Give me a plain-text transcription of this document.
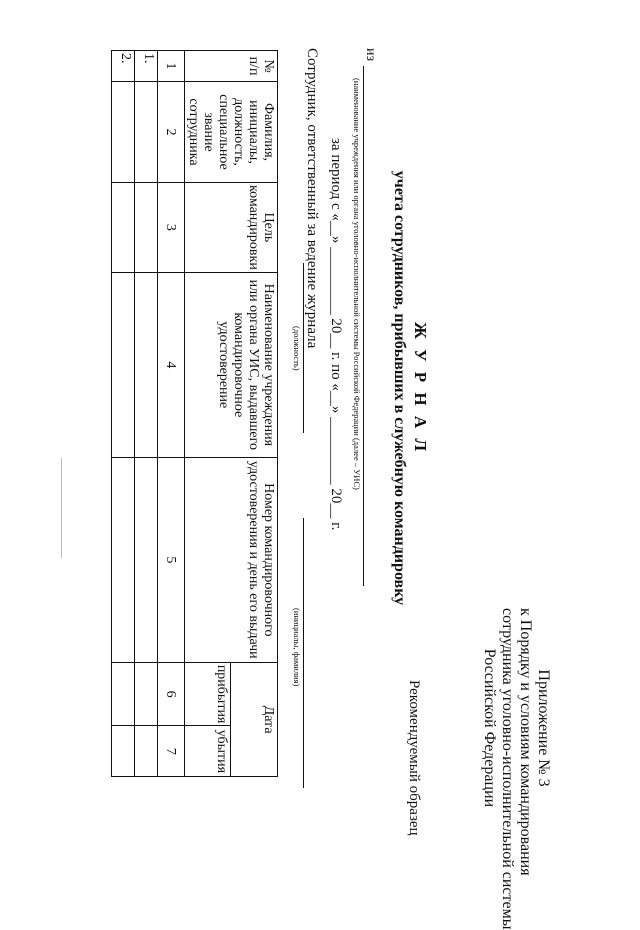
Приложение № 3
к Порядку и условиям командирования
сотрудника уголовно-исполнительной системы
Российской Федерации
Рекомендуемый образец
Ж У Р Н А Л
учета сотрудников, прибывших в служебную командировку
из
(наименование учреждения или органа уголовно-исполнительной системы Российской Федерации (далее – УИС)
за период с «__» _________ 20__ г. по «__» _________ 20__ г.
Сотрудник, ответственный за ведение журнала
(должность)
(инициалы, фамилия)
№ п/п	Фамилия, инициалы, должность, специальное звание сотрудника	Цель командировки	Наименование учреждения или органа УИС, выдавшего командировочное удостоверение	Номер командировочного удостоверения и день его выдачи	Дата	
					прибытия	убытия
1	2	3	4	5	6	7
1.						
2.						
